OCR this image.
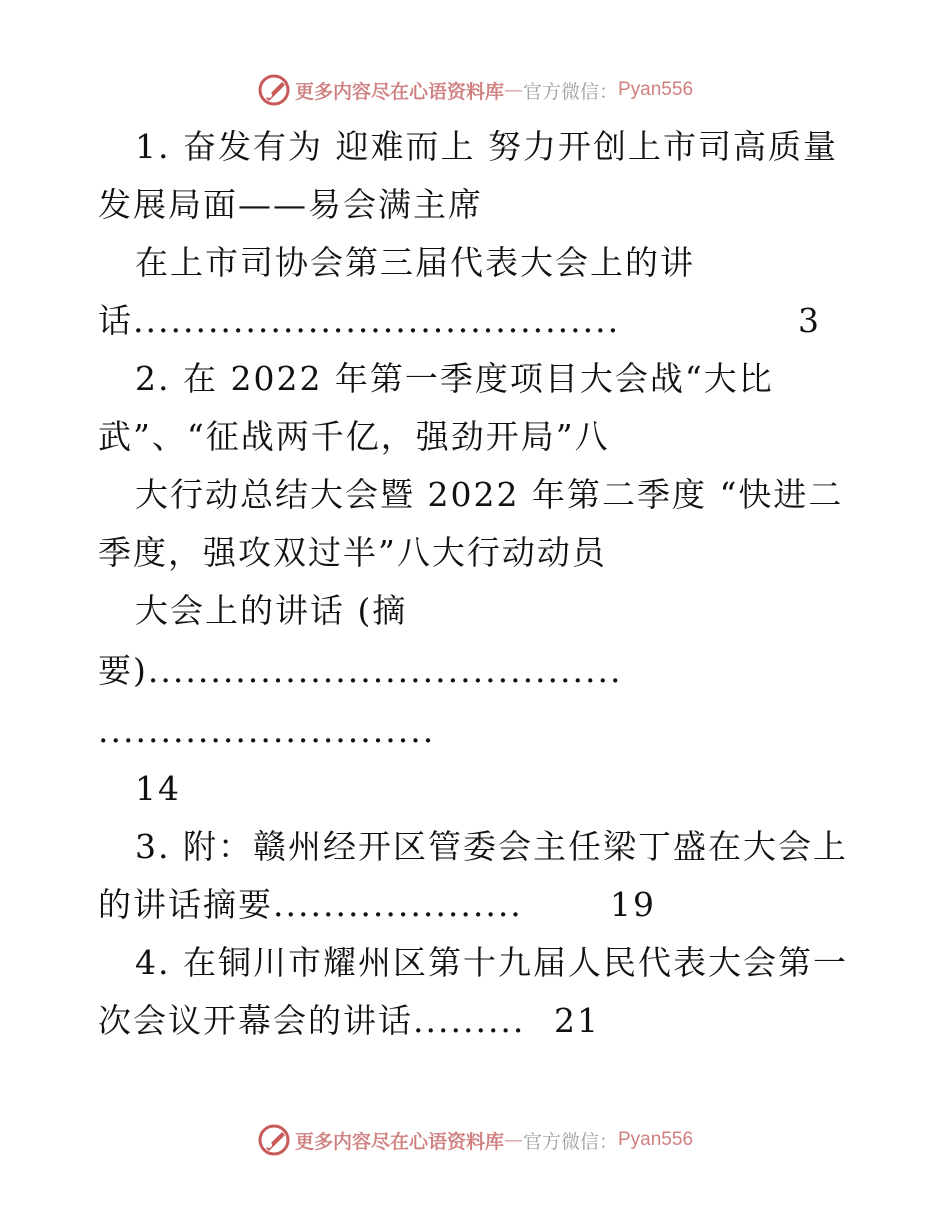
更多内容尽在心语资料库 — 官方微信： Pyan556
1. 奋发有为 迎难而上 努力开创上市司高质量
发展局面——易会满主席
在上市司协会第三届代表大会上的讲
话.......................................	3
2. 在 2022 年第一季度项目大会战“大比
武”、“征战两千亿，强劲开局”八
大行动总结大会暨 2022 年第二季度 “快进二
季度，强攻双过半”八大行动动员
大会上的讲话 (摘
要)......................................
...........................
14
3. 附：赣州经开区管委会主任梁丁盛在大会上
的讲话摘要....................	19
4. 在铜川市耀州区第十九届人民代表大会第一
次会议开幕会的讲话......... 21
更多内容尽在心语资料库 — 官方微信： Pyan556
